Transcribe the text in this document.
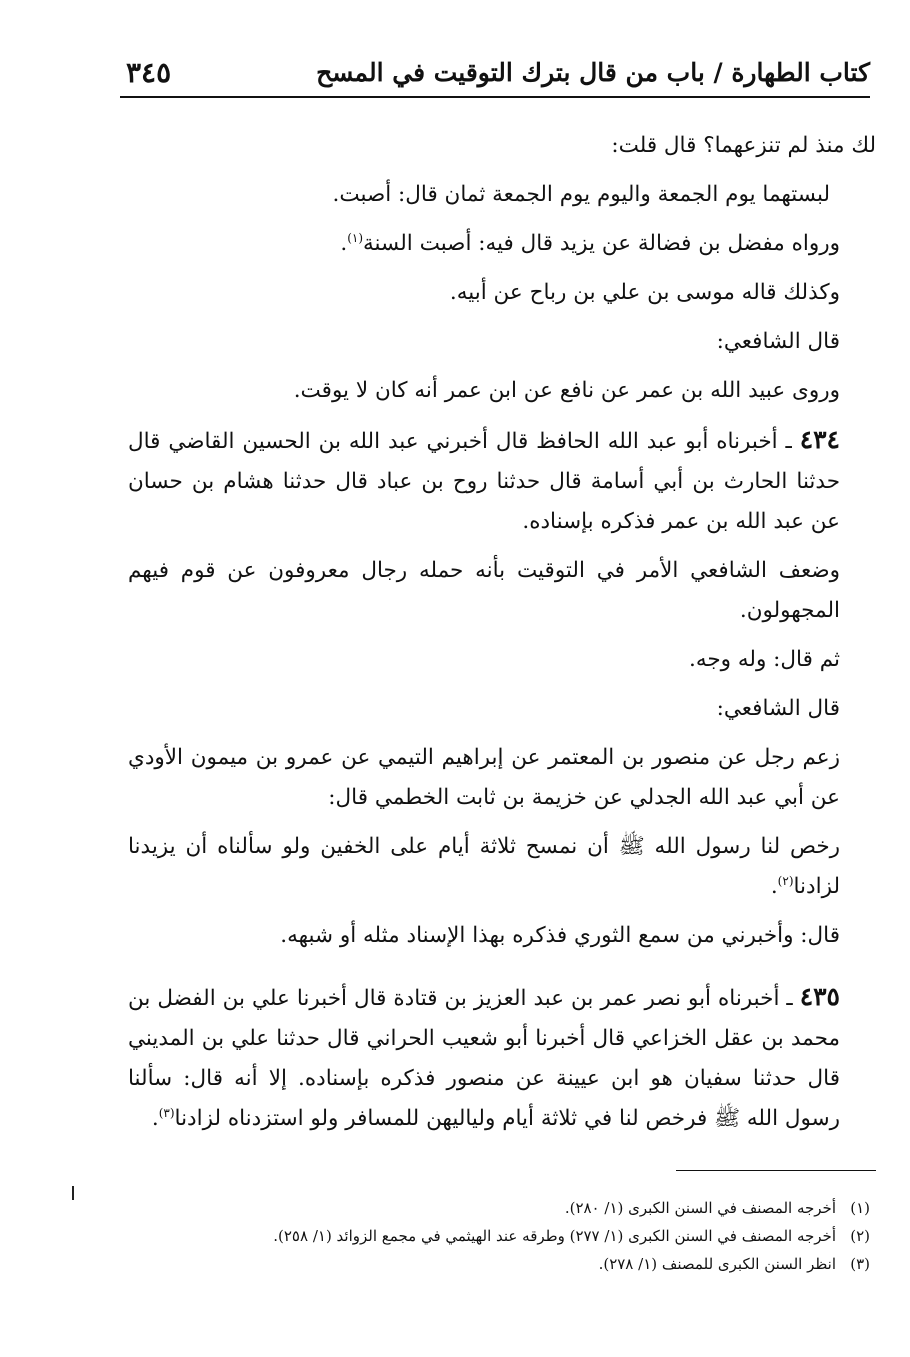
كتاب الطهارة / باب من قال بترك التوقيت في المسح
٣٤٥

لك منذ لم تنزعهما؟ قال قلت:

لبستهما يوم الجمعة واليوم يوم الجمعة ثمان قال: أصبت.

ورواه مفضل بن فضالة عن يزيد قال فيه: أصبت السنة$^{(١)}$.

وكذلك قاله موسى بن علي بن رباح عن أبيه.

قال الشافعي:

وروى عبيد الله بن عمر عن نافع عن ابن عمر أنه كان لا يوقت.

٤٣٤ ـ أخبرناه أبو عبد الله الحافظ قال أخبرني عبد الله بن الحسين القاضي قال حدثنا الحارث بن أبي أسامة قال حدثنا روح بن عباد قال حدثنا هشام بن حسان عن عبد الله بن عمر فذكره بإسناده.

وضعف الشافعي الأمر في التوقيت بأنه حمله رجال معروفون عن قوم فيهم المجهولون.

ثم قال: وله وجه.

قال الشافعي:

زعم رجل عن منصور بن المعتمر عن إبراهيم التيمي عن عمرو بن ميمون الأودي عن أبي عبد الله الجدلي عن خزيمة بن ثابت الخطمي قال:

رخص لنا رسول الله ﷺ أن نمسح ثلاثة أيام على الخفين ولو سألناه أن يزيدنا لزادنا$^{(٢)}$.

قال: وأخبرني من سمع الثوري فذكره بهذا الإسناد مثله أو شبهه.

٤٣٥ ـ أخبرناه أبو نصر عمر بن عبد العزيز بن قتادة قال أخبرنا علي بن الفضل بن محمد بن عقل الخزاعي قال أخبرنا أبو شعيب الحراني قال حدثنا علي بن المديني قال حدثنا سفيان هو ابن عيينة عن منصور فذكره بإسناده. إلا أنه قال: سألنا رسول الله ﷺ فرخص لنا في ثلاثة أيام ولياليهن للمسافر ولو استزدناه لزادنا$^{(٣)}$.

(١)أخرجه المصنف في السنن الكبرى (١/ ٢٨٠).
(٢)أخرجه المصنف في السنن الكبرى (١/ ٢٧٧) وطرقه عند الهيثمي في مجمع الزوائد (١/ ٢٥٨).
(٣)انظر السنن الكبرى للمصنف (١/ ٢٧٨).
